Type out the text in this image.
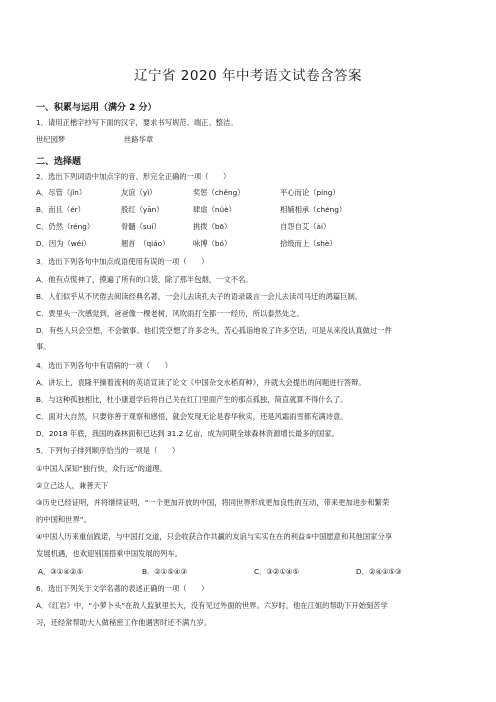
辽宁省 2020 年中考语文试卷含答案
一、积累与运用（满分 2 分）
1．请用正楷字抄写下面的汉字，要求书写规范、端正、整洁。
世纪园梦	丝路华章
二、选择题
2．选出下列词语中加点字的音、形完全正确的一项（　　）
A．尽管（jǐn）	友谊（yì）	奖惩（chěng）	平心而论（píng）
B．而且（ér）	殷红（yān）	肆虐（nüè）	相辅相承（chéng）
C．仍然（réng）	骨髓（suí）	挑拨（bō）	自怨自艾（ài）
D．因为（wéi）	翘首　（qiáo）	咏博（bó）	拾级而上（shè）
3．选出下列各句中加点成语使用有误的一项（　　）
A．他有点慌神了，摸遍了所有的口袋，除了那半包烟，一文不名。
B．人们似乎从不厌倦去阅读经典名著，一会儿去读孔夫子的语录箴言一会儿去读司马迁的鸿篇巨制。
C．贾里头一次感觉到，爸爸像一棵老树，风吹雨打全都一一经历，所以泰然处之。
D．有些人只会空想，不会做事。他们凭空想了许多念头，苦心孤诣地说了许多空话，可是从来没认真做过一件
事。
4．选出下列各句中有语病的一项（　　）
A．讲坛上，袁隆平操着流利的英语宣读了论文《中国杂交水稻育种》，并就大会提出的问题进行答辩。
B．与这种孤独相比，杜小康退学后将自己关在红门里面产生的那点孤独，简直就算不得什么了。
C．面对大自然，只要你善于观察和感悟，就会发现无论是春华秋实，还是风霜雨雪都充满诗意。
D．2018 年底，我国的森林面积已达到 31.2 亿亩，成为同期全球森林资源增长最多的国家。
5．下列句子排列顺序恰当的一项是（　　）
①中国人深知“独行快，众行远”的道理。
②立己达人，兼善天下
③历史已经证明，并将继续证明，“一个更加开放的中国，将同世界形成更加良性的互动，带来更加进步和繁荣
的中国和世界”。
④中国人历来重信践诺，与中国打交道，只会收获合作共赢的友谊与实实在在的利益⑤中国愿意和其他国家分享
发展机遇，也欢迎别国搭乘中国发展的列车。
A．③①④②⑤	B．②①⑤④③	C．③②①④⑤	D．②④①⑤③
6．选出下列关于文学名著的表述正确的一项（　　）
A．《红岩》中，“小萝卜头”在敌人监狱里长大，没有见过外面的世界。六岁时，他在江姐的帮助下开始刻苦学
习，还经常帮助大人做秘密工作他遇害时还不满九岁。
